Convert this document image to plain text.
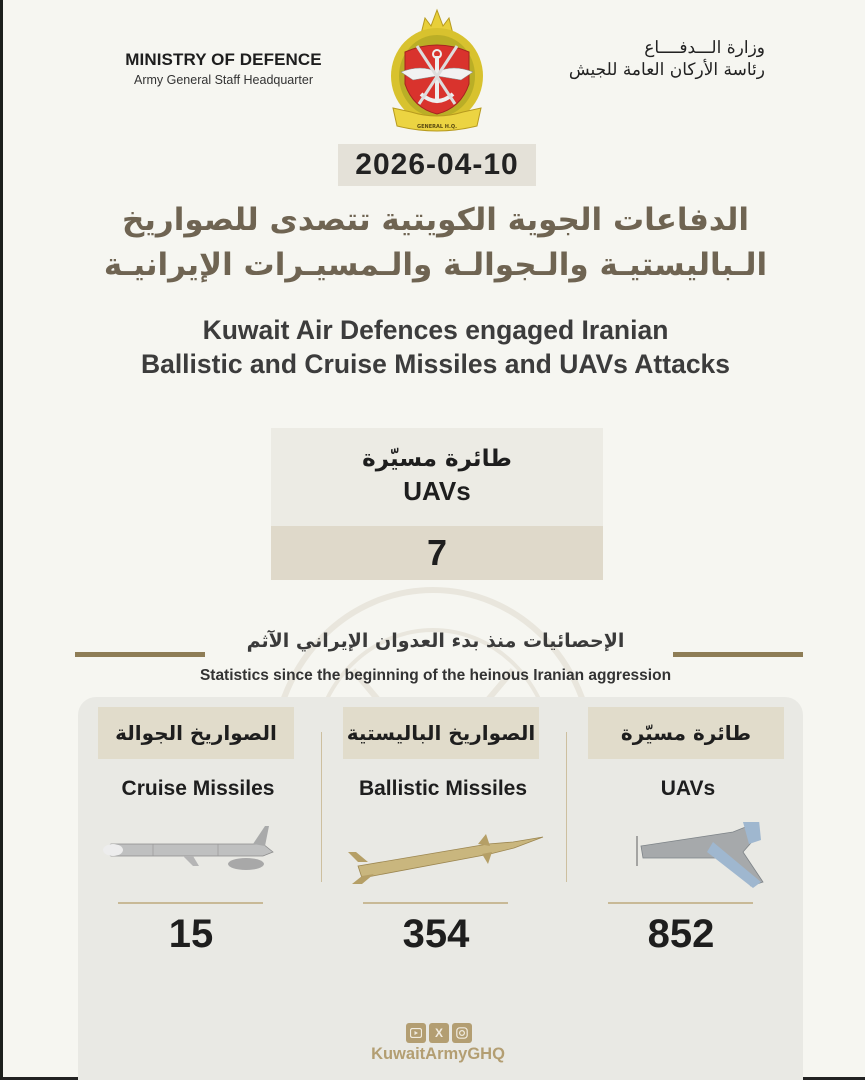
MINISTRY OF DEFENCE
Army General Staff Headquarter
GENERAL H.Q.
وزارة الـــدفــــاع
رئاسة الأركان العامة للجيش
2026-04-10
الدفاعات الجوية الكويتية تتصدى للصواريخ
الـباليستيـة والـجوالـة والـمسيـرات الإيرانيـة
Kuwait Air Defences engaged Iranian
Ballistic and Cruise Missiles and UAVs Attacks
طائرة مسيّرة
UAVs
7
الإحصائيات منذ بدء العدوان الإيراني الآثم
Statistics since the beginning of the heinous Iranian aggression
الصواريخ الجوالة
Cruise Missiles
15
الصواريخ الباليستية
Ballistic Missiles
354
طائرة مسيّرة
UAVs
852
X
KuwaitArmyGHQ
